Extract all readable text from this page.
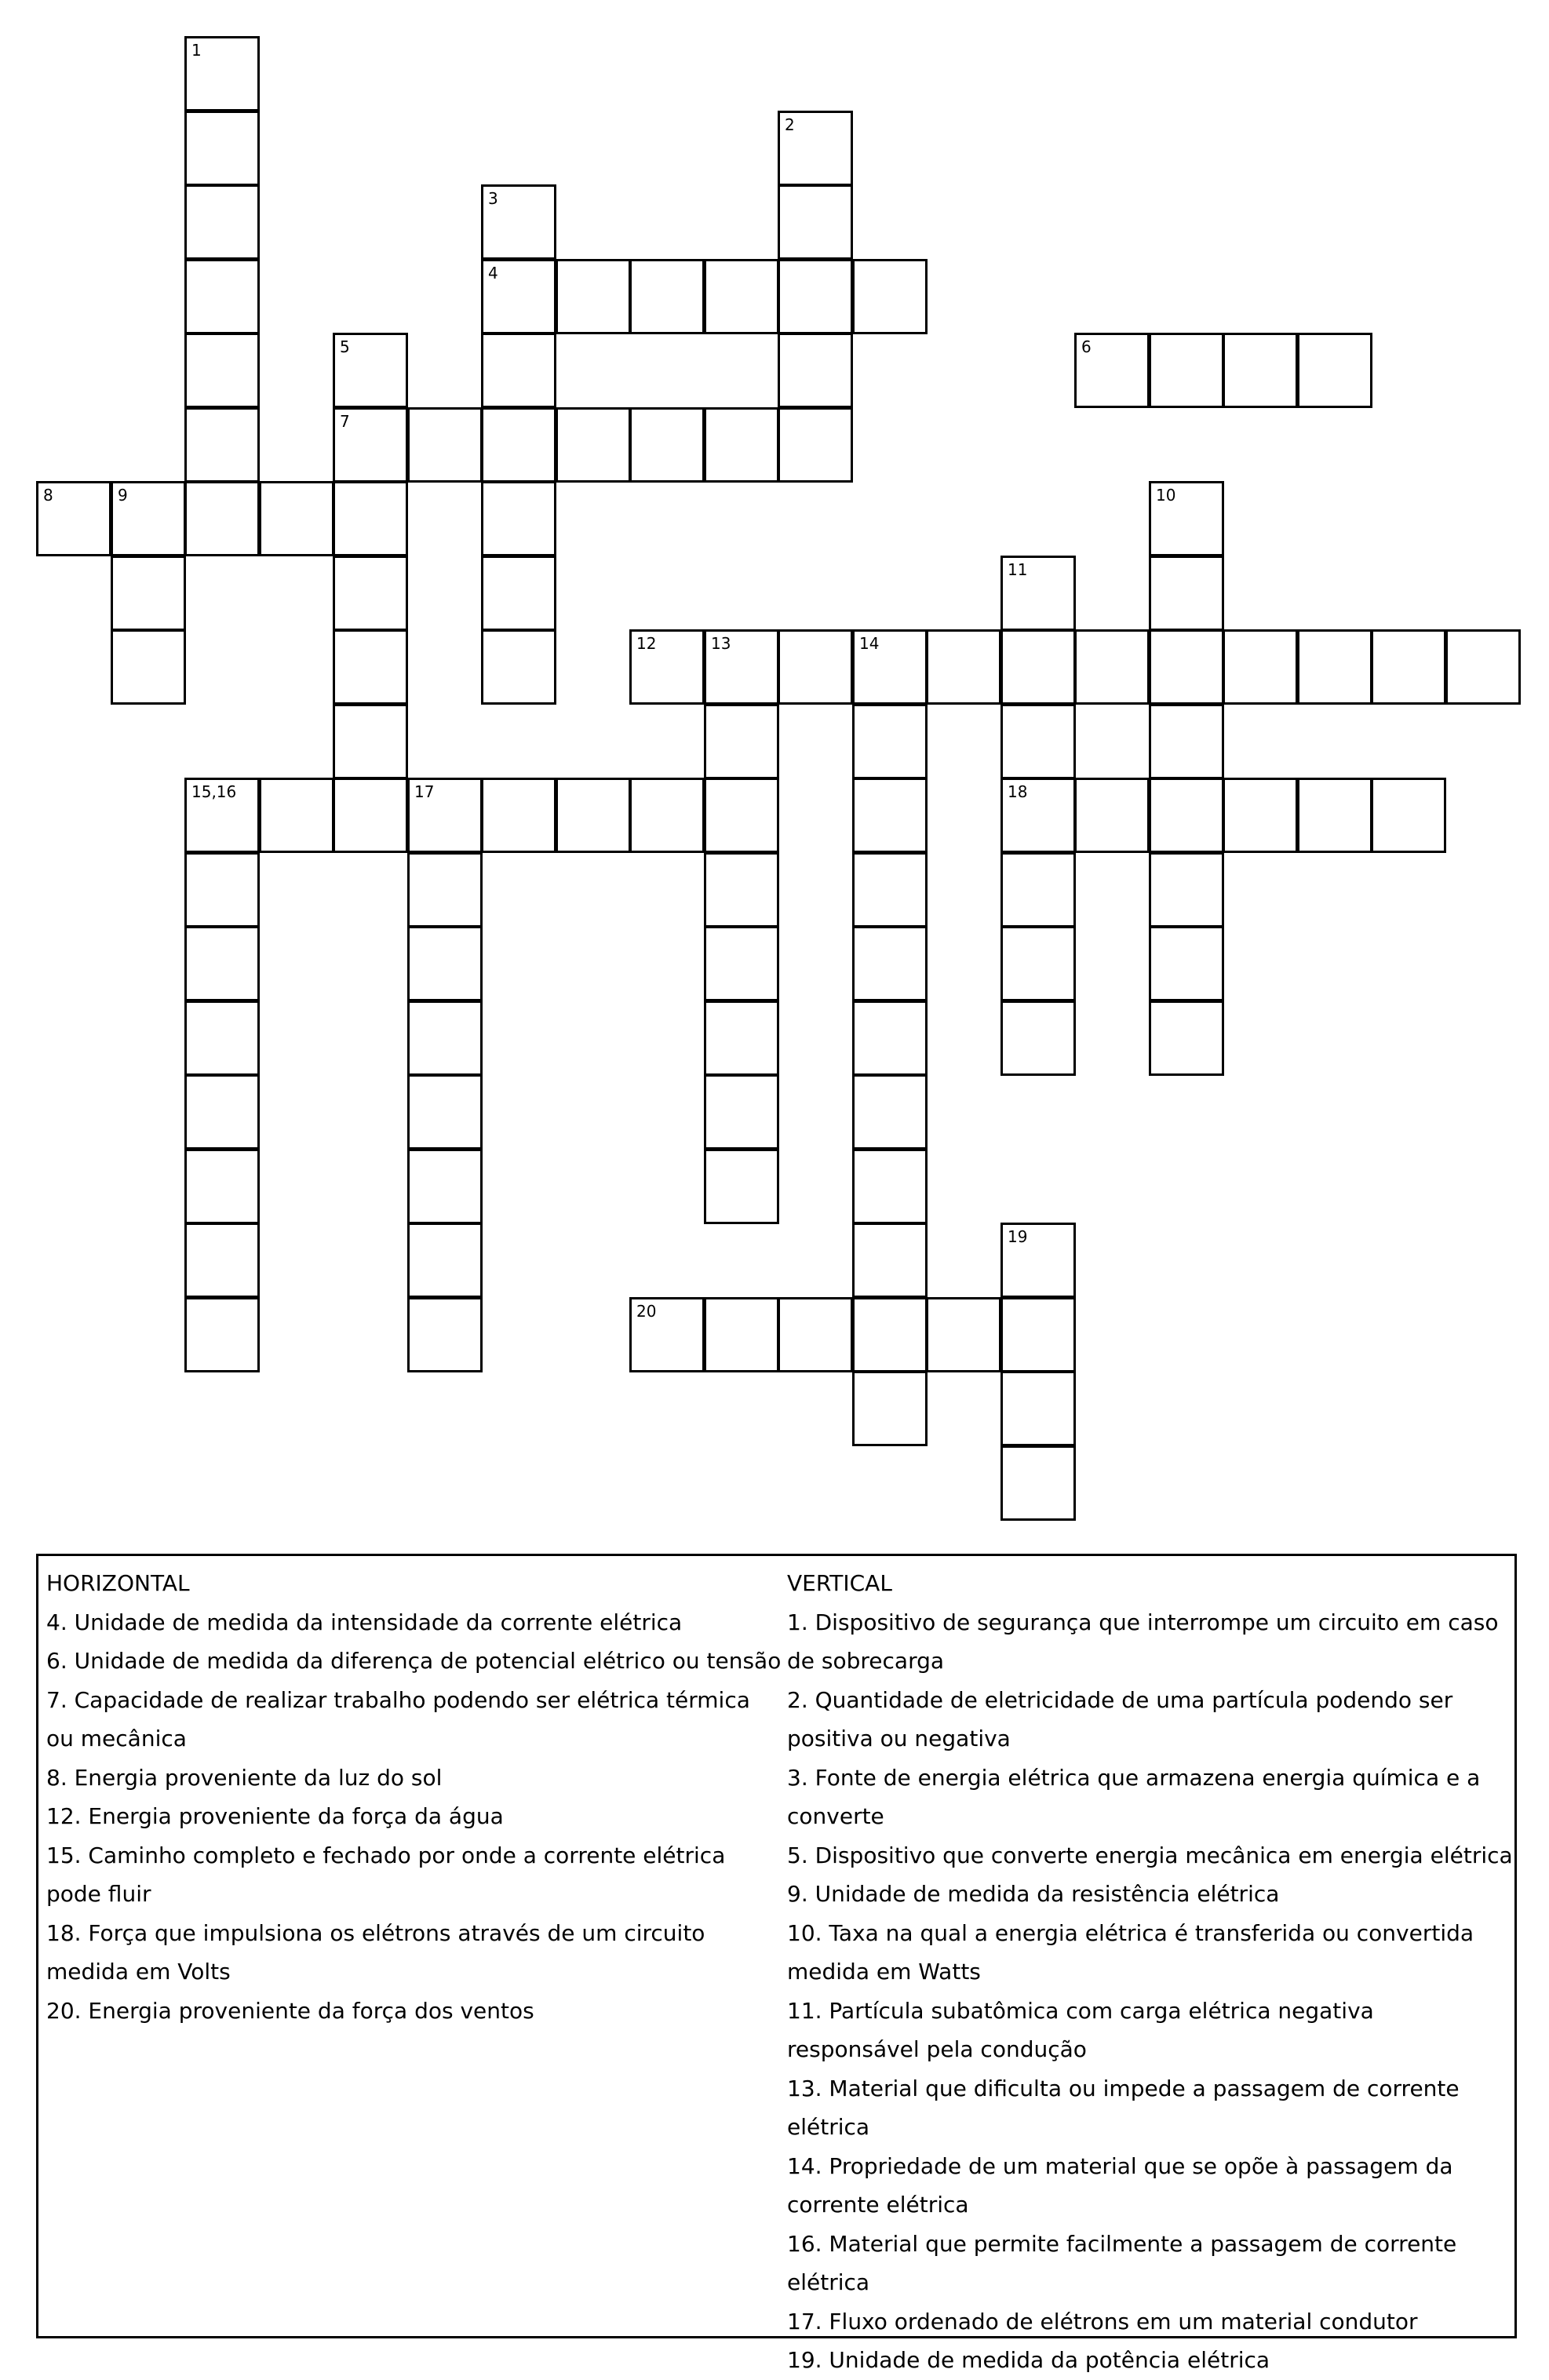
1
2
3
4
5	6
7
8	9	10
11
12	13	14
15,16	17	18
19
20

HORIZONTAL

4. Unidade de medida da intensidade da corrente elétrica

6. Unidade de medida da diferença de potencial elétrico ou tensão

7. Capacidade de realizar trabalho podendo ser elétrica térmica ou mecânica

8. Energia proveniente da luz do sol

12. Energia proveniente da força da água

15. Caminho completo e fechado por onde a corrente elétrica pode fluir

18. Força que impulsiona os elétrons através de um circuito medida em Volts

20. Energia proveniente da força dos ventos

VERTICAL

1. Dispositivo de segurança que interrompe um circuito em caso de sobrecarga

2. Quantidade de eletricidade de uma partícula podendo ser positiva ou negativa

3. Fonte de energia elétrica que armazena energia química e a converte

5. Dispositivo que converte energia mecânica em energia elétrica

9. Unidade de medida da resistência elétrica

10. Taxa na qual a energia elétrica é transferida ou convertida medida em Watts

11. Partícula subatômica com carga elétrica negativa responsável pela condução

13. Material que dificulta ou impede a passagem de corrente elétrica

14. Propriedade de um material que se opõe à passagem da corrente elétrica

16. Material que permite facilmente a passagem de corrente elétrica

17. Fluxo ordenado de elétrons em um material condutor

19. Unidade de medida da potência elétrica
